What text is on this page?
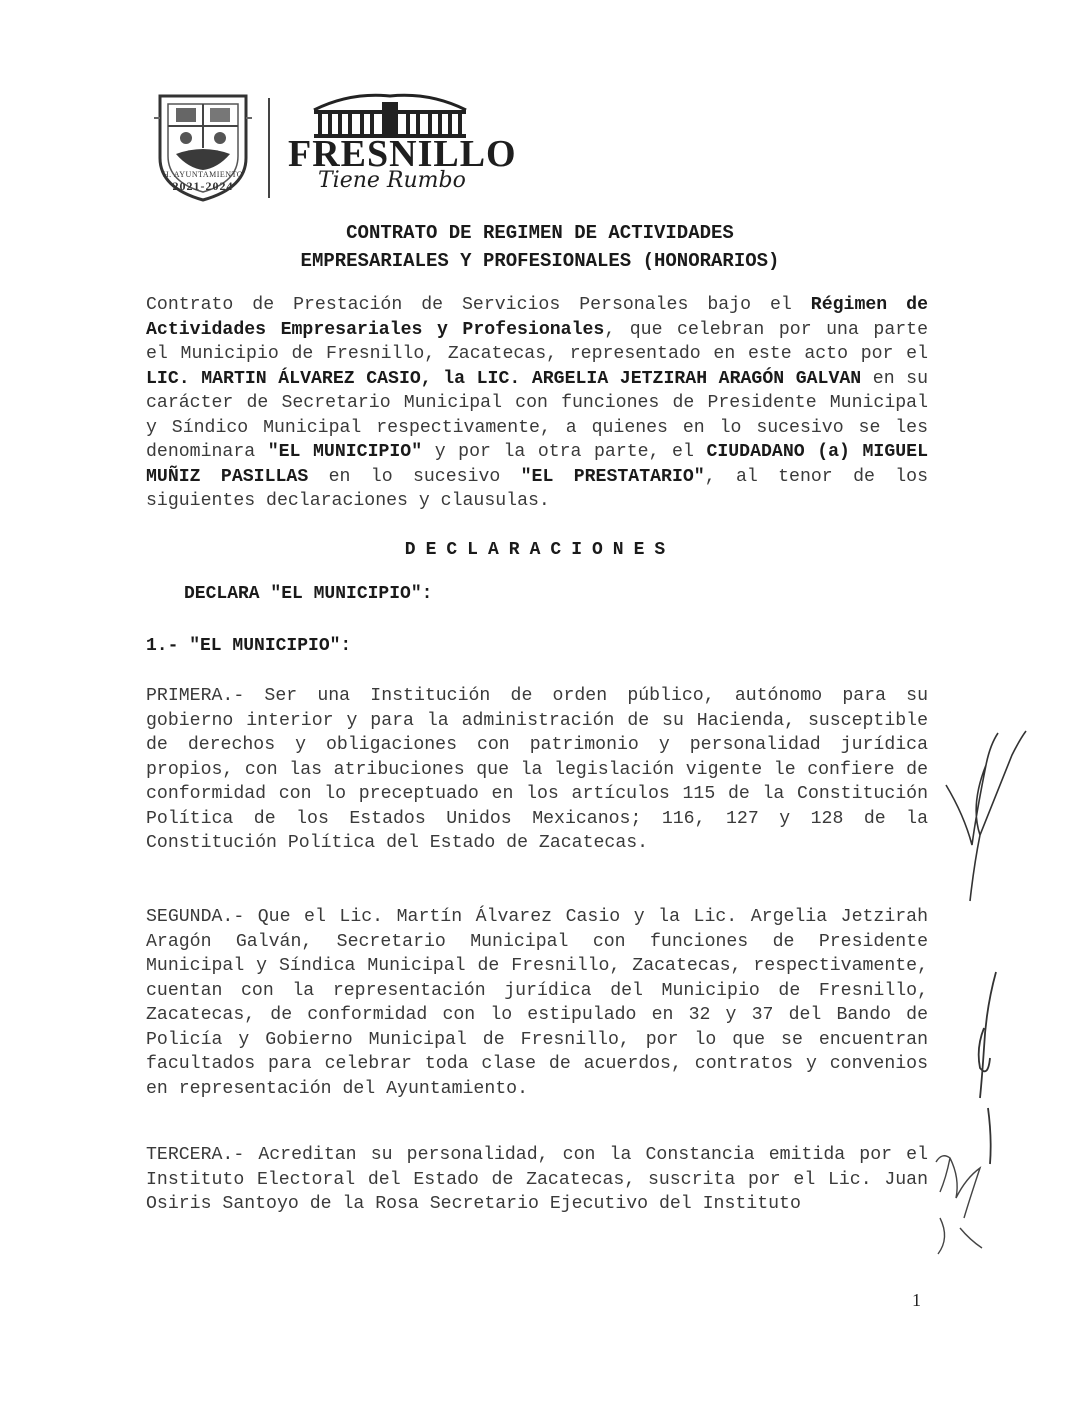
H. AYUNTAMIENTO
2021-2024
FRESNILLO
Tiene Rumbo
CONTRATO DE REGIMEN DE ACTIVIDADES
EMPRESARIALES Y PROFESIONALES (HONORARIOS)
Contrato de Prestación de Servicios Personales bajo el Régimen de Actividades Empresariales y Profesionales, que celebran por una parte el Municipio de Fresnillo, Zacatecas, representado en este acto por el LIC. MARTIN ÁLVAREZ CASIO, la LIC. ARGELIA JETZIRAH ARAGÓN GALVAN en su carácter de Secretario Municipal con funciones de Presidente Municipal y Síndico Municipal respectivamente, a quienes en lo sucesivo se les denominara "EL MUNICIPIO" y por la otra parte, el CIUDADANO (a) MIGUEL MUÑIZ PASILLAS en lo sucesivo "EL PRESTATARIO", al tenor de los siguientes declaraciones y clausulas.
DECLARACIONES
DECLARA "EL MUNICIPIO":
1.- "EL MUNICIPIO":
PRIMERA.- Ser una Institución de orden público, autónomo para su gobierno interior y para la administración de su Hacienda, susceptible de derechos y obligaciones con patrimonio y personalidad jurídica propios, con las atribuciones que la legislación vigente le confiere de conformidad con lo preceptuado en los artículos 115 de la Constitución Política de los Estados Unidos Mexicanos; 116, 127 y 128 de la Constitución Política del Estado de Zacatecas.
SEGUNDA.- Que el Lic. Martín Álvarez Casio y la Lic. Argelia Jetzirah Aragón Galván, Secretario Municipal con funciones de Presidente Municipal y Síndica Municipal de Fresnillo, Zacatecas, respectivamente, cuentan con la representación jurídica del Municipio de Fresnillo, Zacatecas, de conformidad con lo estipulado en 32 y 37 del Bando de Policía y Gobierno Municipal de Fresnillo, por lo que se encuentran facultados para celebrar toda clase de acuerdos, contratos y convenios en representación del Ayuntamiento.
TERCERA.- Acreditan su personalidad, con la Constancia emitida por el Instituto Electoral del Estado de Zacatecas, suscrita por el Lic. Juan Osiris Santoyo de la Rosa Secretario Ejecutivo del Instituto
1
